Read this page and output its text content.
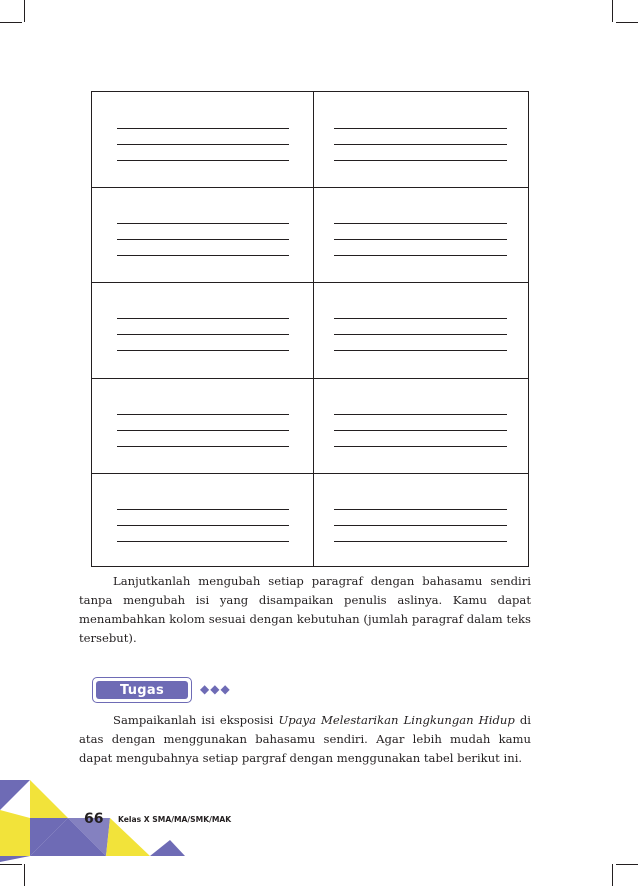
Lanjutkanlah mengubah setiap paragraf dengan bahasamu sendiri tanpa mengubah isi yang disampaikan penulis aslinya. Kamu dapat menambahkan kolom sesuai dengan kebutuhan (jumlah paragraf dalam teks tersebut).

Tugas	◆◆◆

Sampaikanlah isi eksposisi Upaya Melestarikan Lingkungan Hidup di atas dengan menggunakan bahasamu sendiri. Agar lebih mudah kamu dapat mengubahnya setiap pargraf dengan menggunakan tabel berikut ini.

66 Kelas X SMA/MA/SMK/MAK
